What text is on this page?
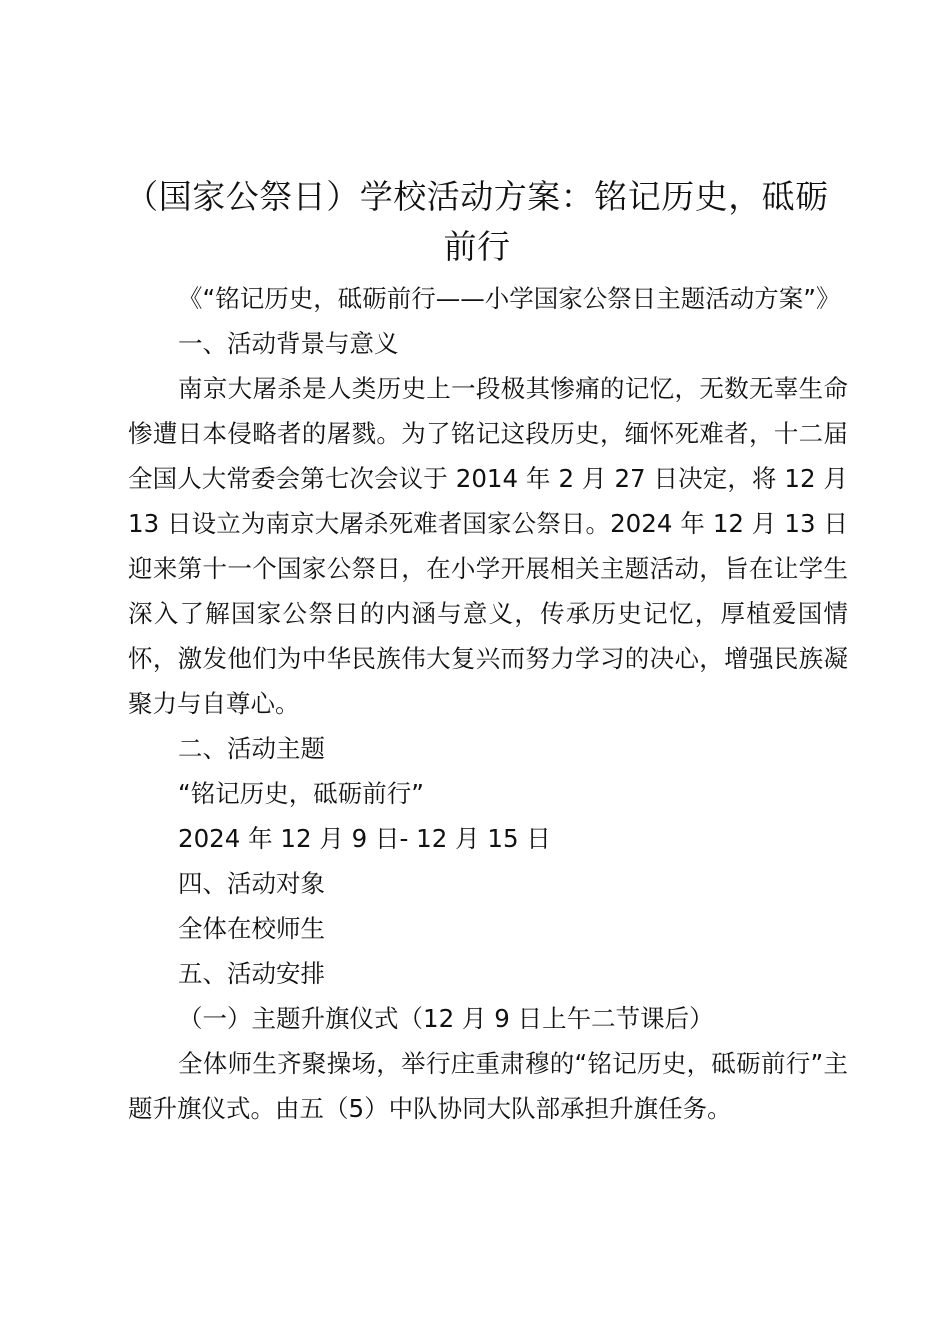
（国家公祭日）学校活动方案：铭记历史，砥砺前行

《“铭记历史，砥砺前行——小学国家公祭日主题活动方案”》

一、活动背景与意义

南京大屠杀是人类历史上一段极其惨痛的记忆，无数无辜生命惨遭日本侵略者的屠戮。为了铭记这段历史，缅怀死难者，十二届全国人大常委会第七次会议于 2014 年 2 月 27 日决定，将 12 月 13 日设立为南京大屠杀死难者国家公祭日。2024 年 12 月 13 日迎来第十一个国家公祭日，在小学开展相关主题活动，旨在让学生深入了解国家公祭日的内涵与意义，传承历史记忆，厚植爱国情怀，激发他们为中华民族伟大复兴而努力学习的决心，增强民族凝聚力与自尊心。

二、活动主题

“铭记历史，砥砺前行”

2024 年 12 月 9 日- 12 月 15 日

四、活动对象

全体在校师生

五、活动安排

（一）主题升旗仪式（12 月 9 日上午二节课后）

全体师生齐聚操场，举行庄重肃穆的“铭记历史，砥砺前行”主题升旗仪式。由五（5）中队协同大队部承担升旗任务。
